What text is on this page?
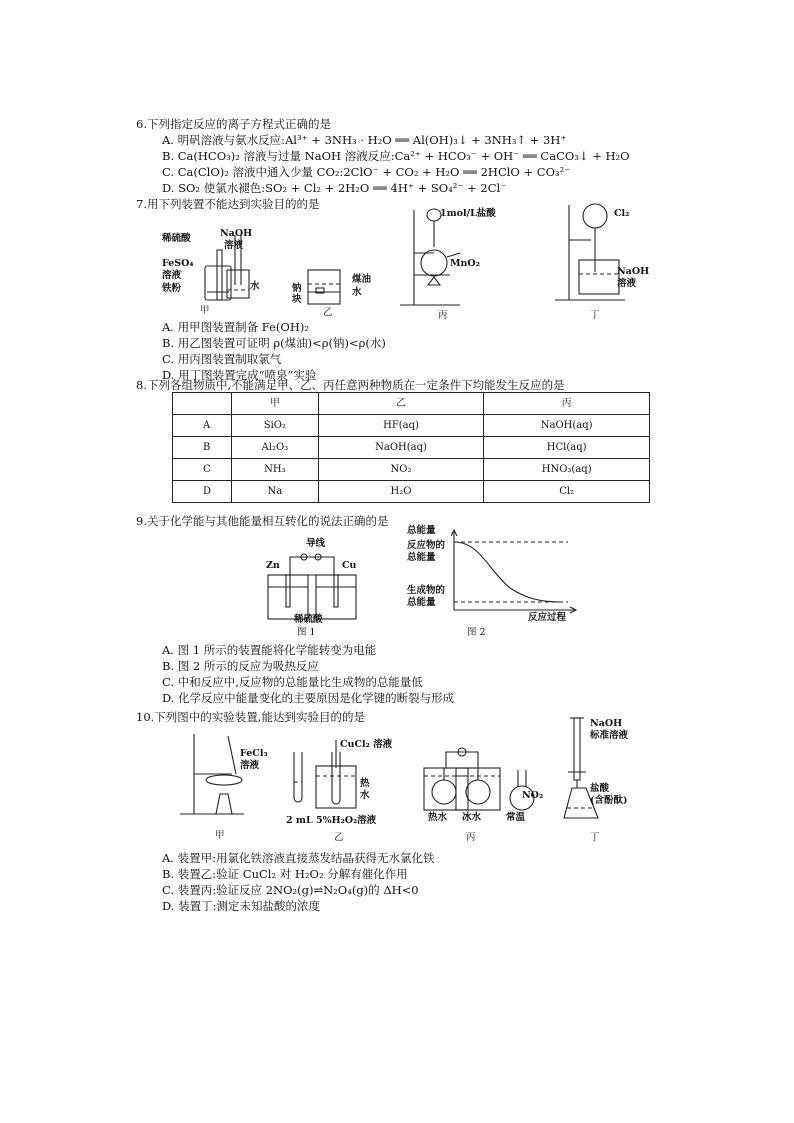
6.下列指定反应的离子方程式正确的是
A. 明矾溶液与氨水反应:Al³⁺ + 3NH₃ · H₂O ══ Al(OH)₃↓ + 3NH₃↑ + 3H⁺
B. Ca(HCO₃)₂ 溶液与过量 NaOH 溶液反应:Ca²⁺ + HCO₃⁻ + OH⁻ ══ CaCO₃↓ + H₂O
C. Ca(ClO)₂ 溶液中通入少量 CO₂:2ClO⁻ + CO₂ + H₂O ══ 2HClO + CO₃²⁻
D. SO₂ 使氯水褪色:SO₂ + Cl₂ + 2H₂O ══ 4H⁺ + SO₄²⁻ + 2Cl⁻
7.用下列装置不能达到实验目的的是
稀硫酸	NaOH
溶液
FeSO₄
溶液
铁粉	水
甲
煤油
钠
块
水
乙
1mol/L盐酸
MnO₂
丙
Cl₂
NaOH
溶液
丁
A. 用甲图装置制备 Fe(OH)₂
B. 用乙图装置可证明 ρ(煤油)<ρ(钠)<ρ(水)
C. 用丙图装置制取氯气
D. 用丁图装置完成“喷泉”实验
8.下列各组物质中,不能满足甲、乙、丙任意两种物质在一定条件下均能发生反应的是
	甲	乙	丙
A	SiO₂	HF(aq)	NaOH(aq)
B	Al₂O₃	NaOH(aq)	HCl(aq)
C	NH₃	NO₂	HNO₃(aq)
D	Na	H₂O	Cl₂
9.关于化学能与其他能量相互转化的说法正确的是
导线
Zn	Cu
稀硫酸
图 1
总能量
反应物的
总能量
生成物的
总能量
反应过程
图 2
A. 图 1 所示的装置能将化学能转变为电能
B. 图 2 所示的反应为吸热反应
C. 中和反应中,反应物的总能量比生成物的总能量低
D. 化学反应中能量变化的主要原因是化学键的断裂与形成
10.下列图中的实验装置,能达到实验目的的是
FeCl₃
溶液
甲
CuCl₂ 溶液
热
水
2 mL 5%H₂O₂溶液
乙
热水 冰水	常温
NO₂
丙
NaOH
标准溶液
盐酸
(含酚酞)
丁
A. 装置甲:用氯化铁溶液直接蒸发结晶获得无水氯化铁
B. 装置乙:验证 CuCl₂ 对 H₂O₂ 分解有催化作用
C. 装置丙:验证反应 2NO₂(g)⇌N₂O₄(g)的 ΔH<0
D. 装置丁:测定未知盐酸的浓度
